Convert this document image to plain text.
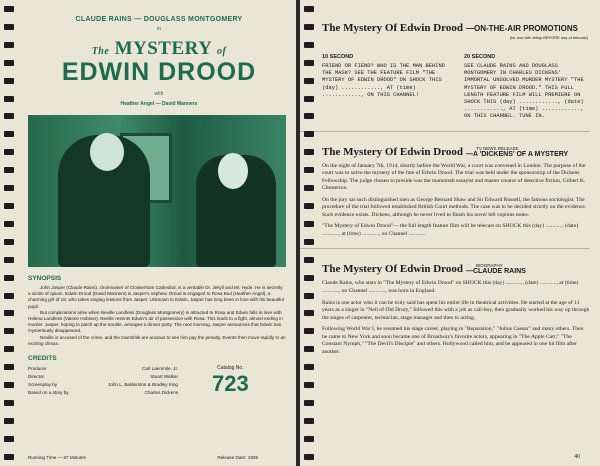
CLAUDE RAINS — DOUGLASS MONTGOMERY
in
The MYSTERY of
EDWIN DROOD
with
Heather Angel — David Manners
SYNOPSIS

John Jasper (Claude Rains), choirmaster of Cloisterham Cathedral, is a veritable Dr. Jekyll and Mr. Hyde. He is secretly a victim of opium. Edwin Drood (David Manners) is Jasper's nephew. Drood is engaged to Rosa Bud (Heather Angel), a charming girl of 18, who takes singing lessons from Jasper. Unknown to Edwin, Jasper has long been in love with his beautiful pupil.

But complications arise when Neville Landless (Douglass Montgomery) is attracted to Rosa and Edwin falls in love with Helena Landless (Valerie Hobson). Neville resents Edwin's air of possession with Rosa. This leads to a fight, almost ending in murder. Jasper, hoping to patch up the trouble, arranges a dinner party. The next morning, Jasper announces that Edwin has mysteriously disappeared.

Neville is accused of the crime, and the townsfolk are anxious to see him pay the penalty. Events then move rapidly to an exciting climax.

CREDITS
Producer	Carl Laemmle, Jr.
Director	Stuart Walker
Screenplay by	John L. Balderston & Bradley King
Based on a story by	Charles Dickens
Catalog No.
723
Running Time — 87 Minutes	Release Date: 1935
The Mystery Of Edwin Drood —ON-THE-AIR PROMOTIONS
(for use with tellup BEFORE day of telecast)
10 SECOND
FRIEND OR FIEND? WHO IS THE MAN BEHIND THE MASK? SEE THE FEATURE FILM "THE MYSTERY OF EDWIN DROOD" ON SHOCK THIS (day) ............, AT (time) ............, ON THIS CHANNEL!
20 SECOND
SEE CLAUDE RAINS AND DOUGLASS MONTGOMERY IN CHARLES DICKENS' IMMORTAL UNSOLVED MURDER MYSTERY "THE MYSTERY OF EDWIN DROOD." THIS FULL LENGTH FEATURE FILM WILL PREMIERE ON SHOCK THIS (day) ............, (date) ............, AT (time) ............, ON THIS CHANNEL. TUNE IN.
The Mystery Of Edwin Drood	TV NEWS RELEASE
—A 'DICKENS' OF A MYSTERY

On the night of January 7th, 1914, shortly before the World War, a court was convened in London. The purpose of the court was to solve the mystery of the fate of Edwin Drood. The trial was held under the sponsorship of the Dickens Fellowship. The judge chosen to preside was the mammoth essayist and master creator of detective fiction, Gilbert K. Chesterton.

On the jury sat such distinguished men as George Bernard Shaw and Sir Edward Russell, the famous sociologist. The procedure of the trial followed established British Court methods. The case was to be decided strictly on the evidence. Such evidence exists. Dickens, although he never lived to finish his novel left copious notes.

"The Mystery of Edwin Drood"— the full length feature film will be telecast on SHOCK this (day) ............, (date) ............, at (time) ............, on Channel ............

The Mystery Of Edwin Drood	BIOGRAPHY
—CLAUDE RAINS

Claude Rains, who stars in "The Mystery of Edwin Drood" on SHOCK this (day) ............, (date) ............, at (time) ............, on Channel ............, was born in England.

Rains is one actor who it can be truly said has spent his entire life in theatrical activities. He started at the age of 11 years as a singer in "Nell of Old Drury," followed this with a job as call-boy, then gradually worked his way up through the stages of carpenter, technician, stage manager and then to acting.

Following World War I, he resumed his stage career, playing in "Reparation," "Julius Caesar" and many others. Then he came to New York and soon became one of Broadway's favorite actors, appearing in "The Apple Cart," "The Constant Nymph," "The Devil's Disciple" and others. Hollywood called him, and he appeared in one hit film after another.

40
